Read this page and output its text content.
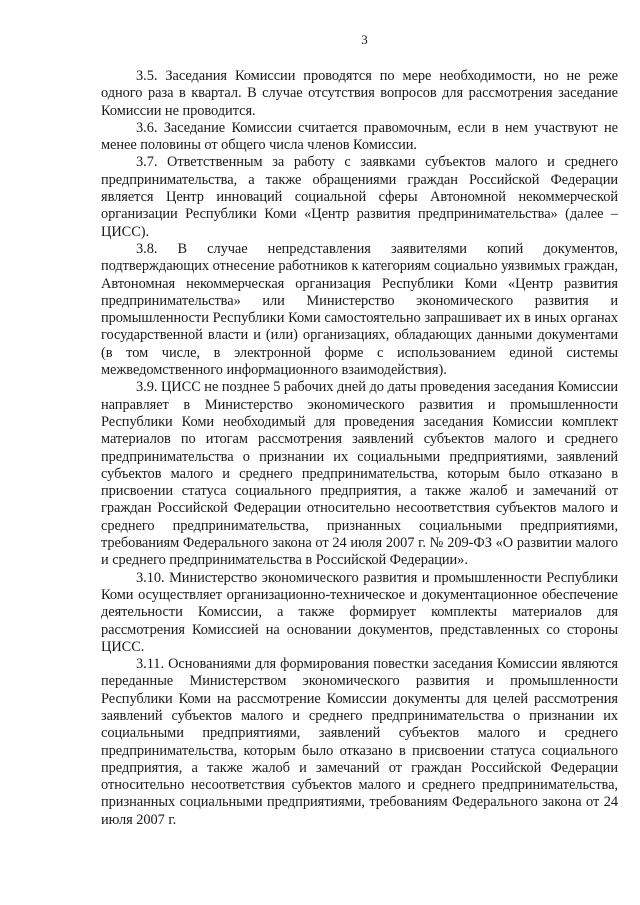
3

3.5. Заседания Комиссии проводятся по мере необходимости, но не реже одного раза в квартал. В случае отсутствия вопросов для рассмотрения заседание Комиссии не проводится.

3.6. Заседание Комиссии считается правомочным, если в нем участвуют не менее половины от общего числа членов Комиссии.

3.7. Ответственным за работу с заявками субъектов малого и среднего предпринимательства, а также обращениями граждан Российской Федерации является Центр инноваций социальной сферы Автономной некоммерческой организации Республики Коми «Центр развития предпринимательства» (далее – ЦИСС).

3.8. В случае непредставления заявителями копий документов, подтверждающих отнесение работников к категориям социально уязвимых граждан, Автономная некоммерческая организация Республики Коми «Центр развития предпринимательства» или Министерство экономического развития и промышленности Республики Коми самостоятельно запрашивает их в иных органах государственной власти и (или) организациях, обладающих данными документами (в том числе, в электронной форме с использованием единой системы межведомственного информационного взаимодействия).

3.9. ЦИСС не позднее 5 рабочих дней до даты проведения заседания Комиссии направляет в Министерство экономического развития и промышленности Республики Коми необходимый для проведения заседания Комиссии комплект материалов по итогам рассмотрения заявлений субъектов малого и среднего предпринимательства о признании их социальными предприятиями, заявлений субъектов малого и среднего предпринимательства, которым было отказано в присвоении статуса социального предприятия, а также жалоб и замечаний от граждан Российской Федерации относительно несоответствия субъектов малого и среднего предпринимательства, признанных социальными предприятиями, требованиям Федерального закона от 24 июля 2007 г. № 209-ФЗ «О развитии малого и среднего предпринимательства в Российской Федерации».

3.10. Министерство экономического развития и промышленности Республики Коми осуществляет организационно-техническое и документационное обеспечение деятельности Комиссии, а также формирует комплекты материалов для рассмотрения Комиссией на основании документов, представленных со стороны ЦИСС.

3.11. Основаниями для формирования повестки заседания Комиссии являются переданные Министерством экономического развития и промышленности Республики Коми на рассмотрение Комиссии документы для целей рассмотрения заявлений субъектов малого и среднего предпринимательства о признании их социальными предприятиями, заявлений субъектов малого и среднего предпринимательства, которым было отказано в присвоении статуса социального предприятия, а также жалоб и замечаний от граждан Российской Федерации относительно несоответствия субъектов малого и среднего предпринимательства, признанных социальными предприятиями, требованиям Федерального закона от 24 июля 2007 г.
